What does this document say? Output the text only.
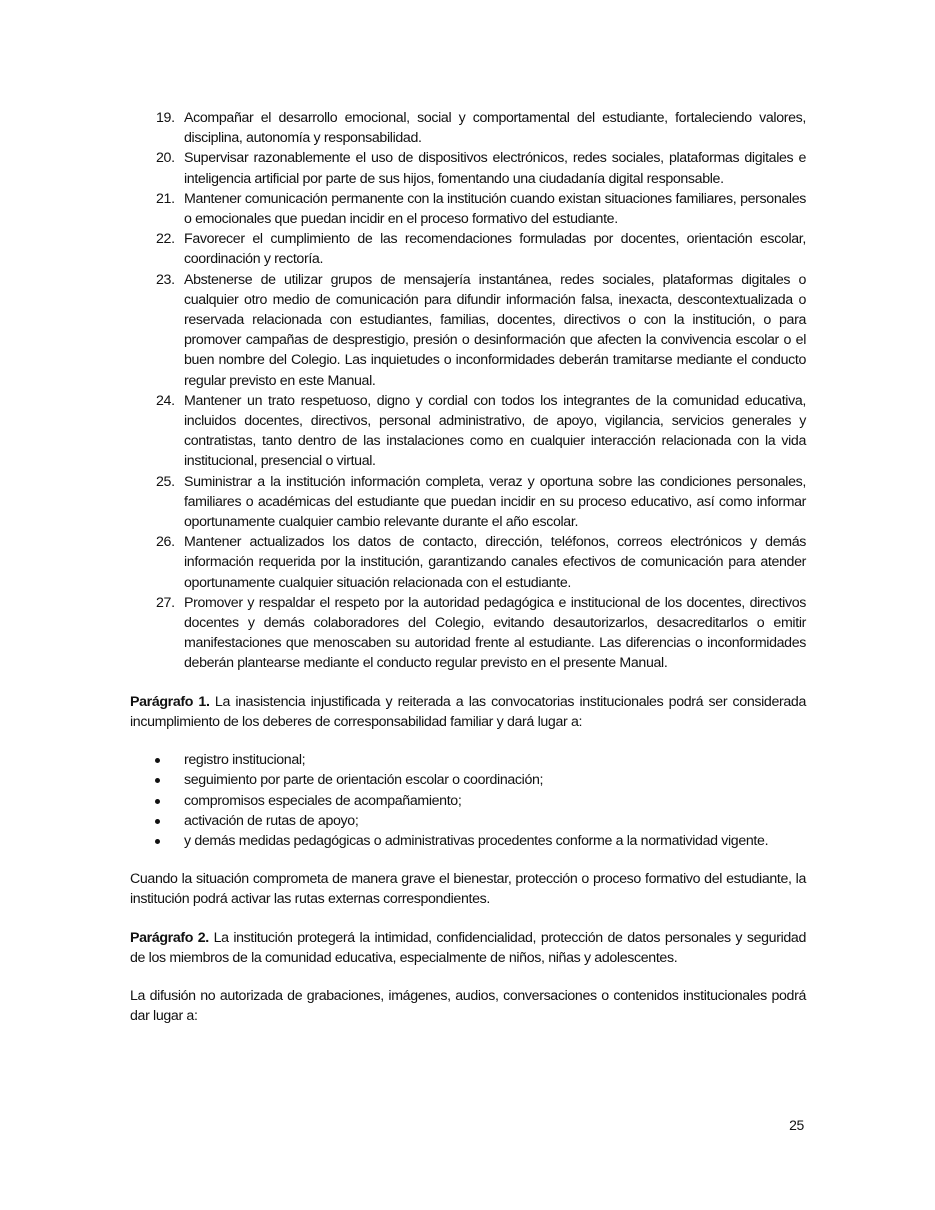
19. Acompañar el desarrollo emocional, social y comportamental del estudiante, fortaleciendo valores, disciplina, autonomía y responsabilidad.
20. Supervisar razonablemente el uso de dispositivos electrónicos, redes sociales, plataformas digitales e inteligencia artificial por parte de sus hijos, fomentando una ciudadanía digital responsable.
21. Mantener comunicación permanente con la institución cuando existan situaciones familiares, personales o emocionales que puedan incidir en el proceso formativo del estudiante.
22. Favorecer el cumplimiento de las recomendaciones formuladas por docentes, orientación escolar, coordinación y rectoría.
23. Abstenerse de utilizar grupos de mensajería instantánea, redes sociales, plataformas digitales o cualquier otro medio de comunicación para difundir información falsa, inexacta, descontextualizada o reservada relacionada con estudiantes, familias, docentes, directivos o con la institución, o para promover campañas de desprestigio, presión o desinformación que afecten la convivencia escolar o el buen nombre del Colegio. Las inquietudes o inconformidades deberán tramitarse mediante el conducto regular previsto en este Manual.
24. Mantener un trato respetuoso, digno y cordial con todos los integrantes de la comunidad educativa, incluidos docentes, directivos, personal administrativo, de apoyo, vigilancia, servicios generales y contratistas, tanto dentro de las instalaciones como en cualquier interacción relacionada con la vida institucional, presencial o virtual.
25. Suministrar a la institución información completa, veraz y oportuna sobre las condiciones personales, familiares o académicas del estudiante que puedan incidir en su proceso educativo, así como informar oportunamente cualquier cambio relevante durante el año escolar.
26. Mantener actualizados los datos de contacto, dirección, teléfonos, correos electrónicos y demás información requerida por la institución, garantizando canales efectivos de comunicación para atender oportunamente cualquier situación relacionada con el estudiante.
27. Promover y respaldar el respeto por la autoridad pedagógica e institucional de los docentes, directivos docentes y demás colaboradores del Colegio, evitando desautorizarlos, desacreditarlos o emitir manifestaciones que menoscaben su autoridad frente al estudiante. Las diferencias o inconformidades deberán plantearse mediante el conducto regular previsto en el presente Manual.

Parágrafo 1. La inasistencia injustificada y reiterada a las convocatorias institucionales podrá ser considerada incumplimiento de los deberes de corresponsabilidad familiar y dará lugar a:

registro institucional;
seguimiento por parte de orientación escolar o coordinación;
compromisos especiales de acompañamiento;
activación de rutas de apoyo;
y demás medidas pedagógicas o administrativas procedentes conforme a la normatividad vigente.

Cuando la situación comprometa de manera grave el bienestar, protección o proceso formativo del estudiante, la institución podrá activar las rutas externas correspondientes.

Parágrafo 2. La institución protegerá la intimidad, confidencialidad, protección de datos personales y seguridad de los miembros de la comunidad educativa, especialmente de niños, niñas y adolescentes.

La difusión no autorizada de grabaciones, imágenes, audios, conversaciones o contenidos institucionales podrá dar lugar a:

25
